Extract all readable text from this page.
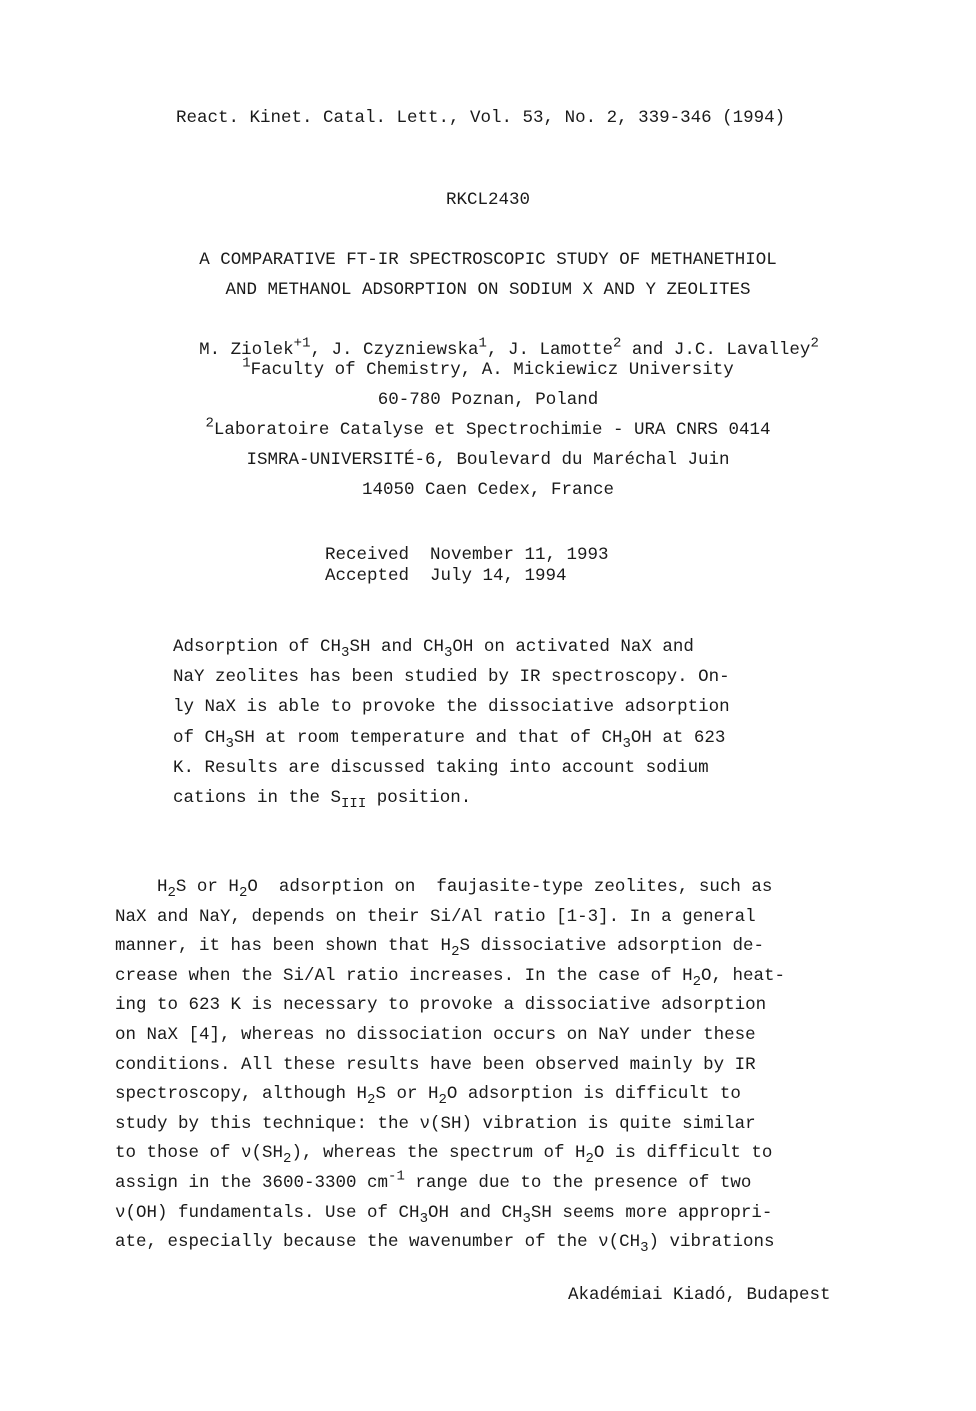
React. Kinet. Catal. Lett., Vol. 53, No. 2, 339-346 (1994)
RKCL2430
A COMPARATIVE FT-IR SPECTROSCOPIC STUDY OF METHANETHIOL
AND METHANOL ADSORPTION ON SODIUM X AND Y ZEOLITES

M. Ziolek$^{+1}$, J. Czyzniewska$^1$, J. Lamotte$^2$ and J.C. Lavalley$^2$

$^1$Faculty of Chemistry, A. Mickiewicz University
60-780 Poznan, Poland
$^2$Laboratoire Catalyse et Spectrochimie - URA CNRS 0414
ISMRA-UNIVERSITÉ-6, Boulevard du Maréchal Juin
14050 Caen Cedex, France
Received November 11, 1993
Accepted July 14, 1994
Adsorption of $CH_3SH$ and $CH_3OH$ on activated NaX and
NaY zeolites has been studied by IR spectroscopy. On-
ly NaX is able to provoke the dissociative adsorption
of $CH_3SH$ at room temperature and that of $CH_3OH$ at 623
K. Results are discussed taking into account sodium
cations in the $S_{III}$ position.
$H_2S$ or $H_2O$  adsorption on  faujasite-type zeolites, such as
NaX and NaY, depends on their Si/Al ratio [1-3]. In a general
manner, it has been shown that $H_2S$ dissociative adsorption de-
crease when the Si/Al ratio increases. In the case of $H_2O$, heat-
ing to 623 K is necessary to provoke a dissociative adsorption
on NaX [4], whereas no dissociation occurs on NaY under these
conditions. All these results have been observed mainly by IR
spectroscopy, although $H_2S$ or $H_2O$ adsorption is difficult to
study by this technique: the ν(SH) vibration is quite similar
to those of $\nu(SH_2)$, whereas the spectrum of $H_2O$ is difficult to
assign in the 3600-3300 $cm^{-1}$ range due to the presence of two
ν(OH) fundamentals. Use of $CH_3OH$ and $CH_3SH$ seems more appropri-
ate, especially because the wavenumber of the $\nu(CH_3)$ vibrations
Akadémiai Kiadó, Budapest
